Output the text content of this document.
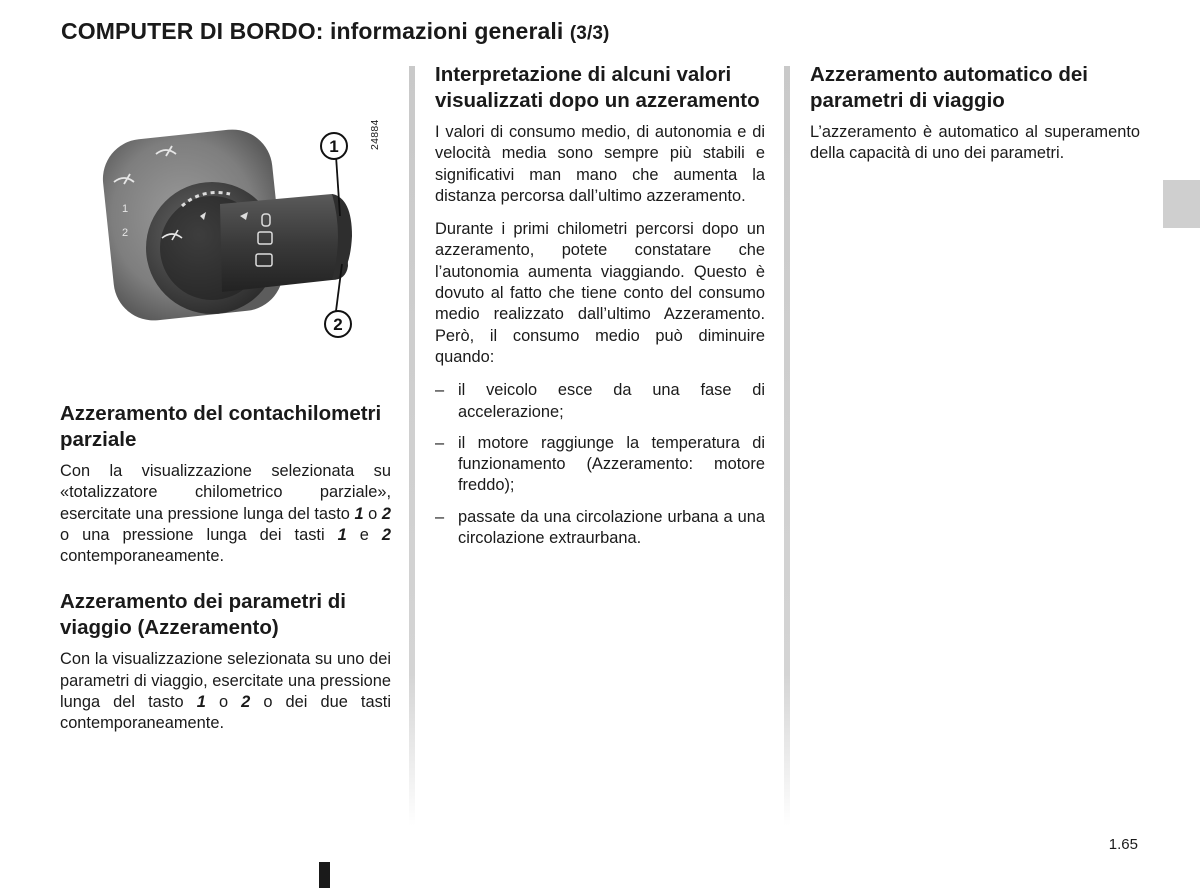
COMPUTER DI BORDO: informazioni generali (3/3)
24884
1
2
1
2
Azzeramento del contachilometri parziale

Con la visualizzazione selezionata su «totalizzatore chilometrico parziale», esercitate una pressione lunga del tasto 1 o 2 o una pressione lunga dei tasti 1 e 2 contemporaneamente.

Azzeramento dei parametri di viaggio (Azzeramento)

Con la visualizzazione selezionata su uno dei parametri di viaggio, esercitate una pressione lunga del tasto 1 o 2 o dei due tasti contemporaneamente.

Interpretazione di alcuni valori visualizzati dopo un azzeramento

I valori di consumo medio, di autonomia e di velocità media sono sempre più stabili e significativi man mano che aumenta la distanza percorsa dall’ultimo azzeramento.

Durante i primi chilometri percorsi dopo un azzeramento, potete constatare che l’autonomia aumenta viaggiando. Questo è dovuto al fatto che tiene conto del consumo medio realizzato dall’ultimo Azzeramento. Però, il consumo medio può diminuire quando:

– il veicolo esce da una fase di accelerazione;
– il motore raggiunge la temperatura di funzionamento (Azzeramento: motore freddo);
– passate da una circolazione urbana a una circolazione extraurbana.
Azzeramento automatico dei parametri di viaggio

L’azzeramento è automatico al superamento della capacità di uno dei parametri.

1.65
